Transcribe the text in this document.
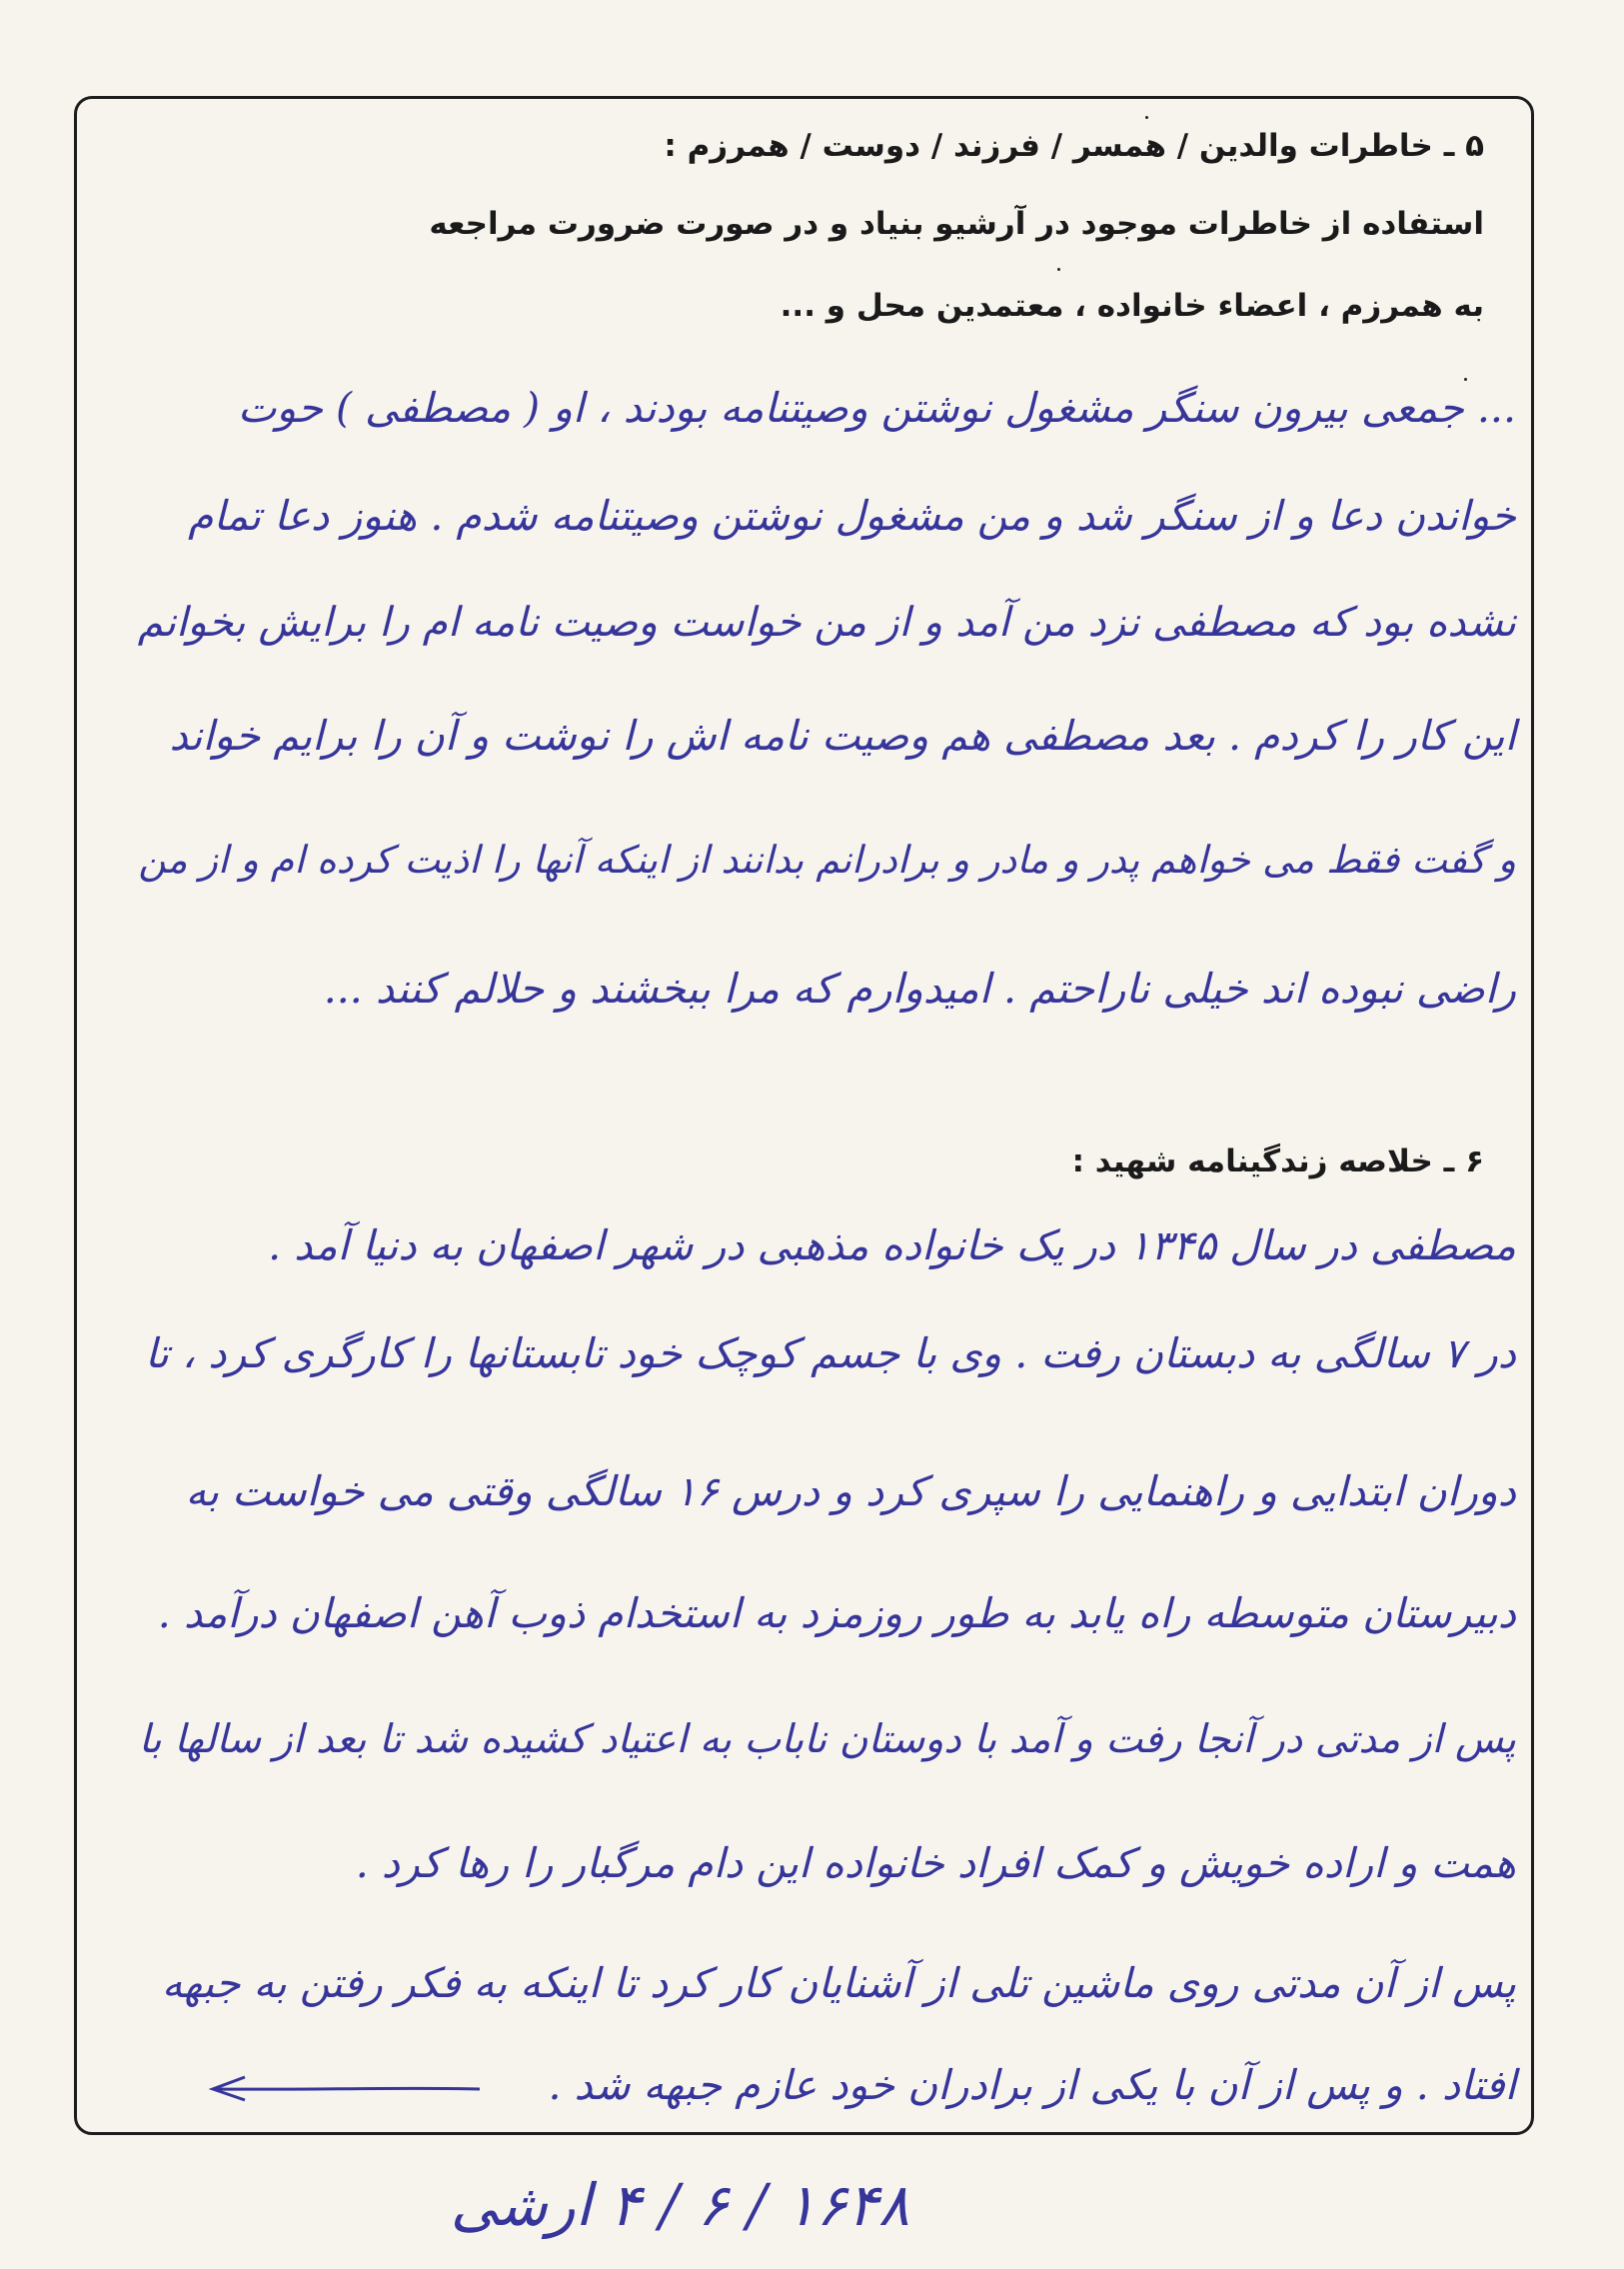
۵ ـ خاطرات والدین / همسر / فرزند / دوست / همرزم :
استفاده از خاطرات موجود در آرشیو بنیاد و در صورت ضرورت مراجعه
به همرزم ، اعضاء خانواده ، معتمدین محل و ...
... جمعی بیرون سنگر مشغول نوشتن وصیتنامه بودند ، او ( مصطفی ) حوت
خواندن دعا و از سنگر شد و من مشغول نوشتن وصیتنامه شدم . هنوز دعا تمام
نشده بود که مصطفی نزد من آمد و از من خواست وصیت نامه ام را برایش بخوانم
این کار را کردم . بعد مصطفی هم وصیت نامه اش را نوشت و آن را برایم خواند
و گفت فقط می خواهم پدر و مادر و برادرانم بدانند از اینکه آنها را اذیت کرده ام و از من
راضی نبوده اند خیلی ناراحتم . امیدوارم که مرا ببخشند و حلالم کنند ...
۶ ـ خلاصه زندگینامه شهید :
مصطفی در سال ۱۳۴۵ در یک خانواده مذهبی در شهر اصفهان به دنیا آمد .
در ۷ سالگی به دبستان رفت . وی با جسم کوچک خود تابستانها را کارگری کرد ، تا
دوران ابتدایی و راهنمایی را سپری کرد و درس ۱۶ سالگی وقتی می خواست به
دبیرستان متوسطه راه یابد به طور روزمزد به استخدام ذوب آهن اصفهان درآمد .
پس از مدتی در آنجا رفت و آمد با دوستان ناباب به اعتیاد کشیده شد تا بعد از سالها با
همت و اراده خویش و کمک افراد خانواده این دام مرگبار را رها کرد .
پس از آن مدتی روی ماشین تلی از آشنایان کار کرد تا اینکه به فکر رفتن به جبهه
افتاد . و پس از آن با یکی از برادران خود عازم جبهه شد .
۱۶۴۸ / ۶ / ۴ ارشی
